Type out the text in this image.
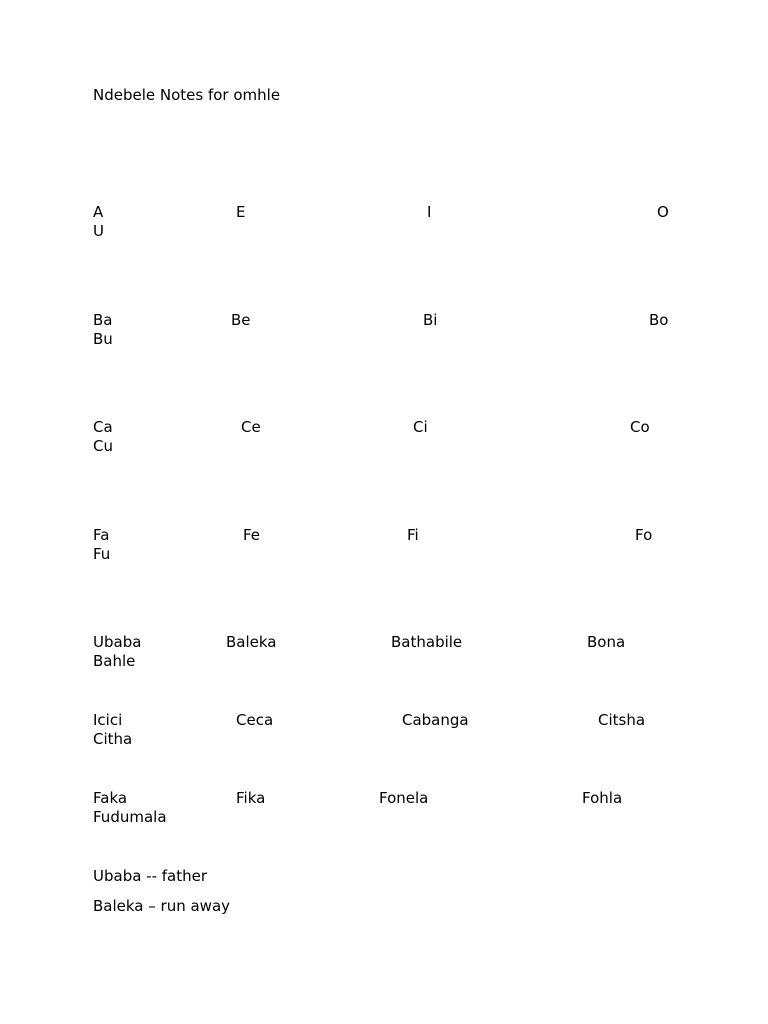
Ndebele Notes for omhle
A	E	I	O
U
Ba	Be	Bi	Bo
Bu
Ca	Ce	Ci	Co
Cu
Fa	Fe	Fi	Fo
Fu
Ubaba	Baleka	Bathabile	Bona
Bahle
Icici	Ceca	Cabanga	Citsha
Citha
Faka	Fika	Fonela	Fohla
Fudumala
Ubaba -- father
Baleka – run away
